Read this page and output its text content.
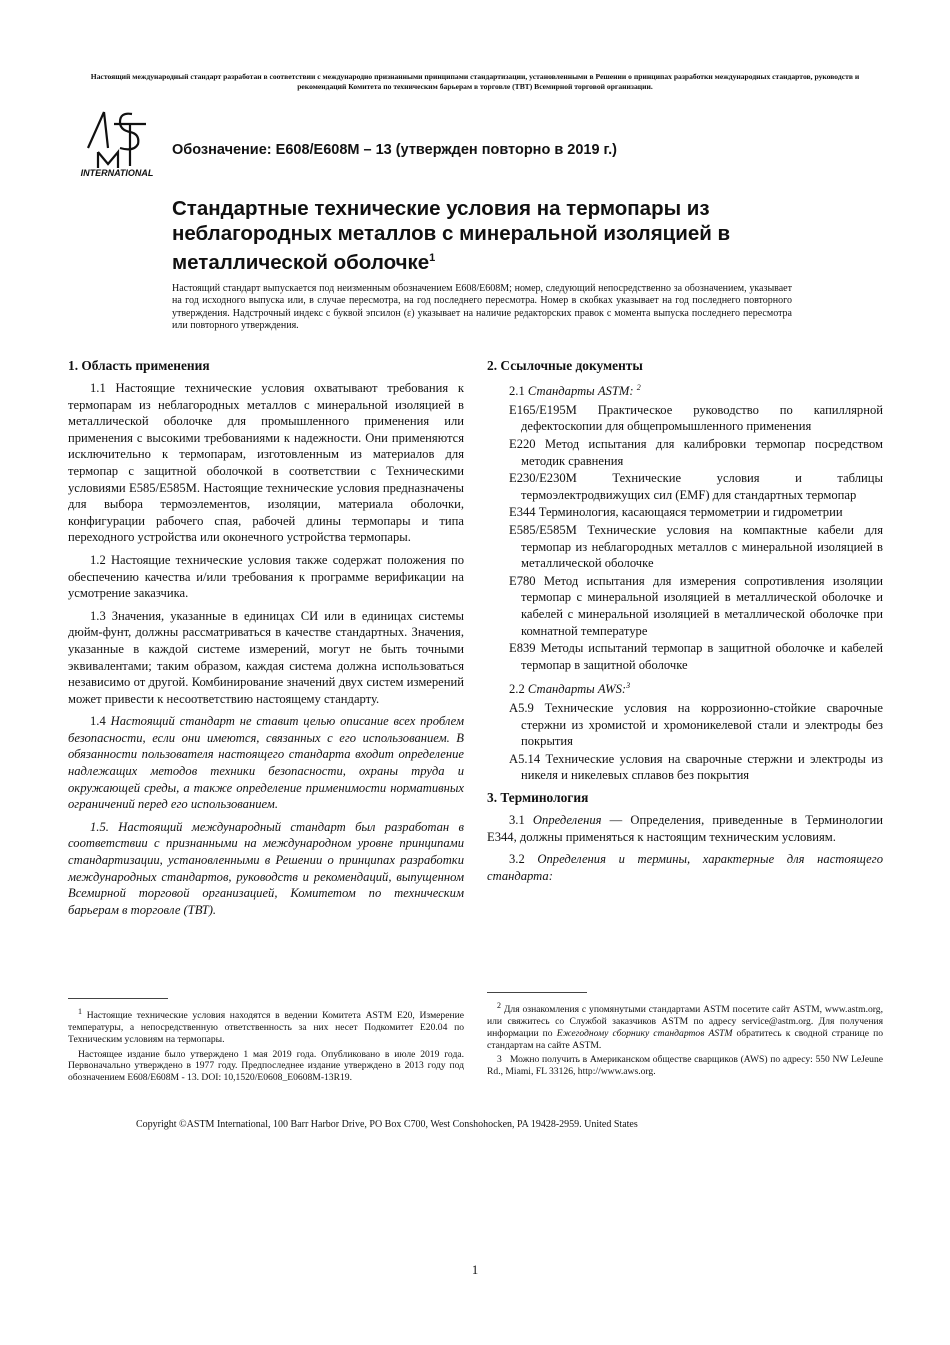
Настоящий международный стандарт разработан в соответствии с международно признанными принципами стандартизации, установленными в Решении о принципах разработки международных стандартов, руководств и рекомендаций Комитета по техническим барьерам в торговле (ТВТ) Всемирной торговой организации.
INTERNATIONAL
Обозначение: E608/E608M – 13 (утвержден повторно в 2019 г.)
Стандартные технические условия на термопары из неблагородных металлов с минеральной изоляцией в металлической оболочке$^1$
Настоящий стандарт выпускается под неизменным обозначением E608/E608M; номер, следующий непосредственно за обозначением, указывает на год исходного выпуска или, в случае пересмотра, на год последнего пересмотра. Номер в скобках указывает на год последнего повторного утверждения. Надстрочный индекс с буквой эпсилон (ε) указывает на наличие редакторских правок с момента выпуска последнего пересмотра или повторного утверждения.
1. Область применения

1.1 Настоящие технические условия охватывают требования к термопарам из неблагородных металлов с минеральной изоляцией в металлической оболочке для промышленного применения или применения с высокими требованиями к надежности. Они применяются исключительно к термопарам, изготовленным из материалов для термопар с защитной оболочкой в соответствии с Техническими условиями E585/E585M. Настоящие технические условия предназначены для выбора термоэлементов, изоляции, материала оболочки, конфигурации рабочего спая, рабочей длины термопары и типа переходного устройства или оконечного устройства термопары.

1.2 Настоящие технические условия также содержат положения по обеспечению качества и/или требования к программе верификации на усмотрение заказчика.

1.3 Значения, указанные в единицах СИ или в единицах системы дюйм-фунт, должны рассматриваться в качестве стандартных. Значения, указанные в каждой системе измерений, могут не быть точными эквивалентами; таким образом, каждая система должна использоваться независимо от другой. Комбинирование значений двух систем измерений может привести к несоответствию настоящему стандарту.

1.4 Настоящий стандарт не ставит целью описание всех проблем безопасности, если они имеются, связанных с его использованием. В обязанности пользователя настоящего стандарта входит определение надлежащих методов техники безопасности, охраны труда и окружающей среды, а также определение применимости нормативных ограничений перед его использованием.

1.5. Настоящий международный стандарт был разработан в соответствии с признанными на международном уровне принципами стандартизации, установленными в Решении о принципах разработки международных стандартов, руководств и рекомендаций, выпущенном Всемирной торговой организацией, Комитетом по техническим барьерам в торговле (ТВТ).

2. Ссылочные документы

2.1 Стандарты ASTM: $^2$

E165/E195M Практическое руководство по капиллярной дефектоскопии для общепромышленного применения

E220 Метод испытания для калибровки термопар посредством методик сравнения

E230/E230M Технические условия и таблицы термоэлектродвижущих сил (EMF) для стандартных термопар

E344 Терминология, касающаяся термометрии и гидрометрии

E585/E585M Технические условия на компактные кабели для термопар из неблагородных металлов с минеральной изоляцией в металлической оболочке

E780 Метод испытания для измерения сопротивления изоляции термопар с минеральной изоляцией в металлической оболочке и кабелей с минеральной изоляцией в металлической оболочке при комнатной температуре

E839 Методы испытаний термопар в защитной оболочке и кабелей термопар в защитной оболочке

2.2 Стандарты AWS:$^3$

A5.9 Технические условия на коррозионно-стойкие сварочные стержни из хромистой и хромоникелевой стали и электроды без покрытия

A5.14 Технические условия на сварочные стержни и электроды из никеля и никелевых сплавов без покрытия

3. Терминология

3.1 Определения — Определения, приведенные в Терминологии E344, должны применяться к настоящим техническим условиям.

3.2 Определения и термины, характерные для настоящего стандарта:

$^1$ Настоящие технические условия находятся в ведении Комитета ASTM E20, Измерение температуры, а непосредственную ответственность за них несет Подкомитет E20.04 по Техническим условиям на термопары.

Настоящее издание было утверждено 1 мая 2019 года. Опубликовано в июле 2019 года. Первоначально утверждено в 1977 году. Предпоследнее издание утверждено в 2013 году под обозначением E608/E608M - 13. DOI: 10,1520/E0608_E0608M-13R19.

$^2$ Для ознакомления с упомянутыми стандартами ASTM посетите сайт ASTM, www.astm.org, или свяжитесь со Службой заказчиков ASTM по адресу service@astm.org. Для получения информации по Ежегодному сборнику стандартов ASTM обратитесь к сводной странице по стандартам на сайте ASTM.

3 Можно получить в Американском обществе сварщиков (AWS) по адресу: 550 NW LeJeune Rd., Miami, FL 33126, http://www.aws.org.

Copyright ©ASTM International, 100 Barr Harbor Drive, PO Box C700, West Conshohocken, PA 19428-2959. United States
1
